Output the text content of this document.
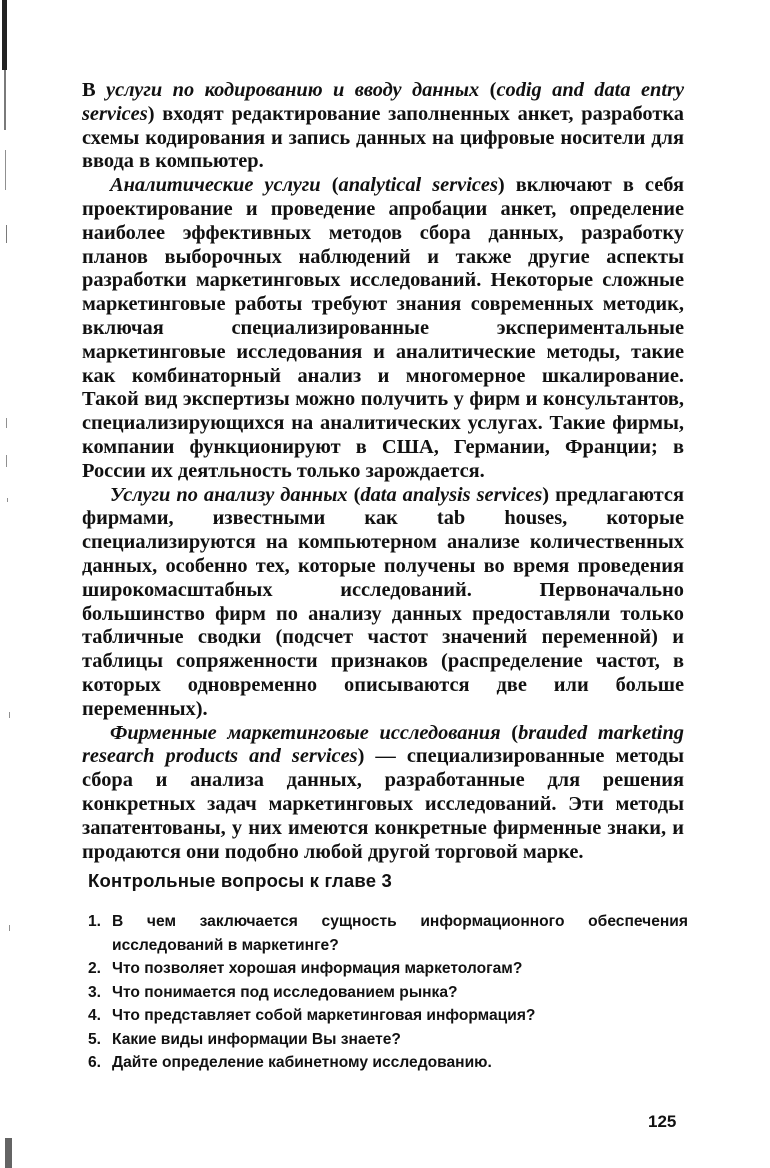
В услуги по кодированию и вводу данных (codig and data entry services) входят редактирование заполненных анкет, разработка схемы кодирования и запись данных на цифровые носители для ввода в компьютер.

Аналитические услуги (analytical services) включают в себя проектирование и проведение апробации анкет, определение наиболее эффективных методов сбора данных, разработку планов выборочных наблюдений и также другие аспекты разработки маркетинговых исследований. Некоторые сложные маркетинговые работы требуют знания современных методик, включая специализированные экспериментальные маркетинговые исследования и аналитические методы, такие как комбинаторный анализ и многомерное шкалирование. Такой вид экспертизы можно получить у фирм и консультантов, специализирующихся на аналитических услугах. Такие фирмы, компании функционируют в США, Германии, Франции; в России их деятльность только зарождается.

Услуги по анализу данных (data analysis services) предлагаются фирмами, известными как tab houses, которые специализируются на компьютерном анализе количественных данных, особенно тех, которые получены во время проведения широкомасштабных исследований. Первоначально большинство фирм по анализу данных предоставляли только табличные сводки (подсчет частот значений переменной) и таблицы сопряженности признаков (распределение частот, в которых одновременно описываются две или больше переменных).

Фирменные маркетинговые исследования (brauded marketing research products and services) — специализированные методы сбора и анализа данных, разработанные для решения конкретных задач маркетинговых исследований. Эти методы запатентованы, у них имеются конкретные фирменные знаки, и продаются они подобно любой другой торговой марке.

Контрольные вопросы к главе 3
1. В чем заключается сущность информационного обеспечения исследований в маркетинге?
2. Что позволяет хорошая информация маркетологам?
3. Что понимается под исследованием рынка?
4. Что представляет собой маркетинговая информация?
5. Какие виды информации Вы знаете?
6. Дайте определение кабинетному исследованию.
125
